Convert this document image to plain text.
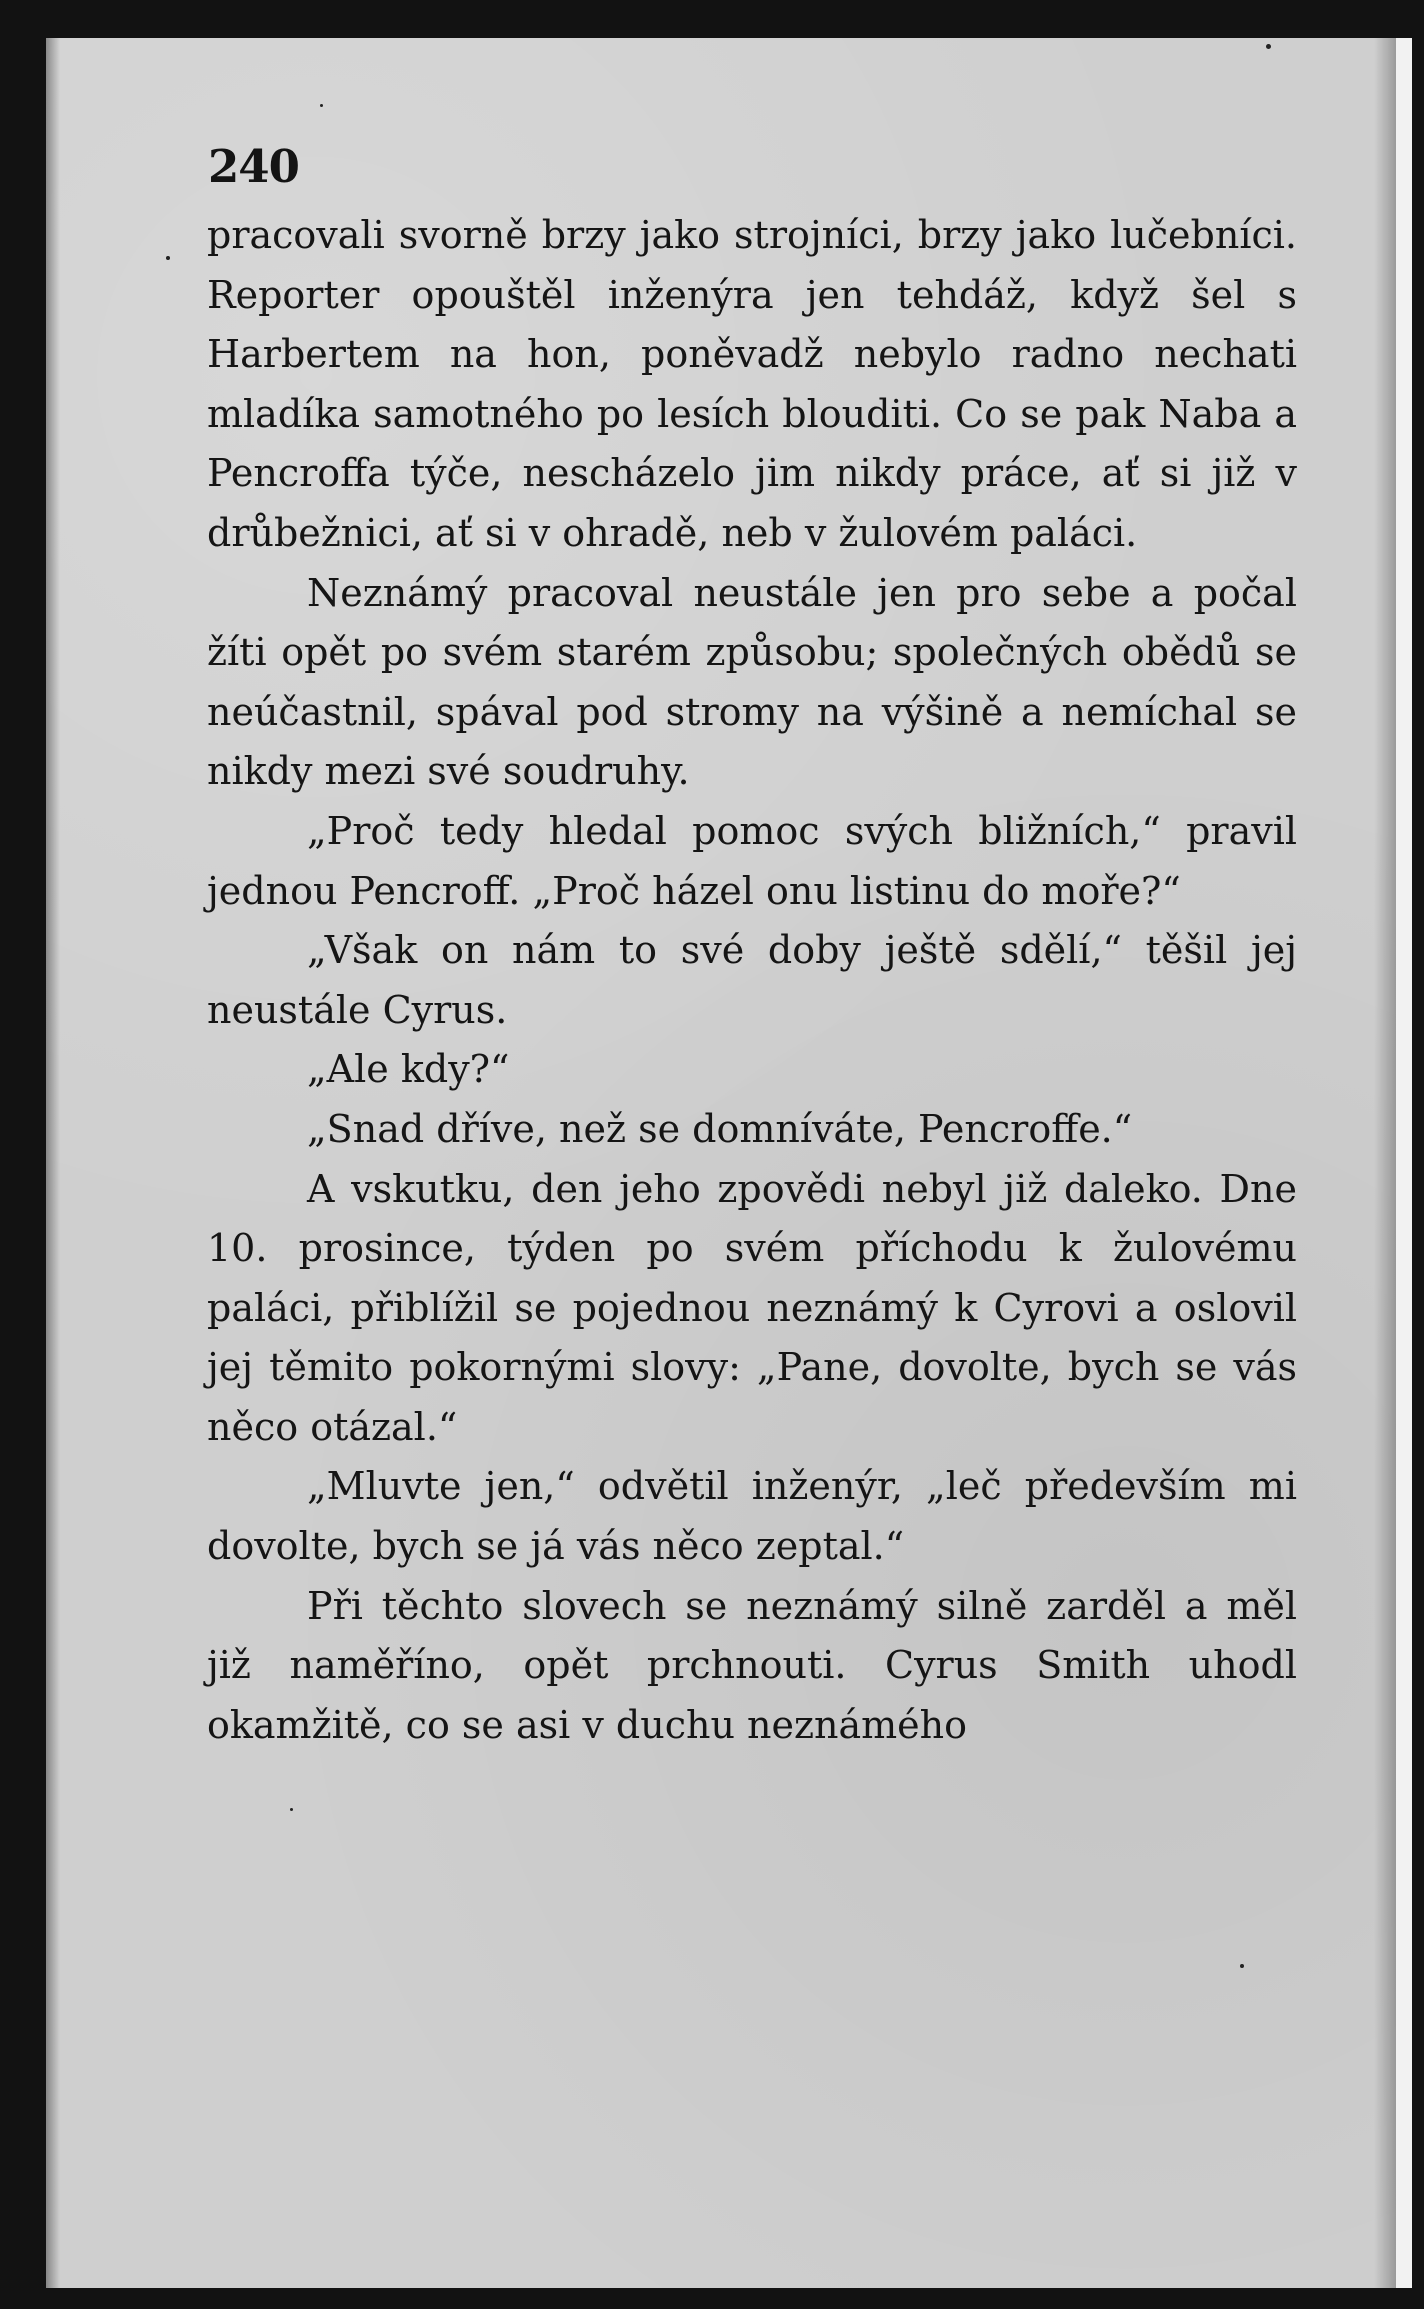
240

pracovali svorně brzy jako strojníci, brzy jako lučebníci. Reporter opouštěl inženýra jen tehdáž, když šel s Harbertem na hon, poněvadž nebylo radno nechati mladíka samotného po lesích blouditi. Co se pak Naba a Pencroffa týče, nescházelo jim nikdy práce, ať si již v drůbežnici, ať si v ohradě, neb v žulovém paláci.

Neznámý pracoval neustále jen pro sebe a počal žíti opět po svém starém způsobu; společných obědů se neúčastnil, spával pod stromy na výšině a nemíchal se nikdy mezi své soudruhy.

„Proč tedy hledal pomoc svých bližních,“ pravil jednou Pencroff. „Proč házel onu listinu do moře?“

„Však on nám to své doby ještě sdělí,“ těšil jej neustále Cyrus.

„Ale kdy?“

„Snad dříve, než se domníváte, Pencroffe.“

A vskutku, den jeho zpovědi nebyl již daleko. Dne 10. prosince, týden po svém příchodu k žulovému paláci, přiblížil se pojednou neznámý k Cyrovi a oslovil jej těmito pokornými slovy: „Pane, dovolte, bych se vás něco otázal.“

„Mluvte jen,“ odvětil inženýr, „leč především mi dovolte, bych se já vás něco zeptal.“

Při těchto slovech se neznámý silně zarděl a měl již naměříno, opět prchnouti. Cyrus Smith uhodl okamžitě, co se asi v duchu neznámého
